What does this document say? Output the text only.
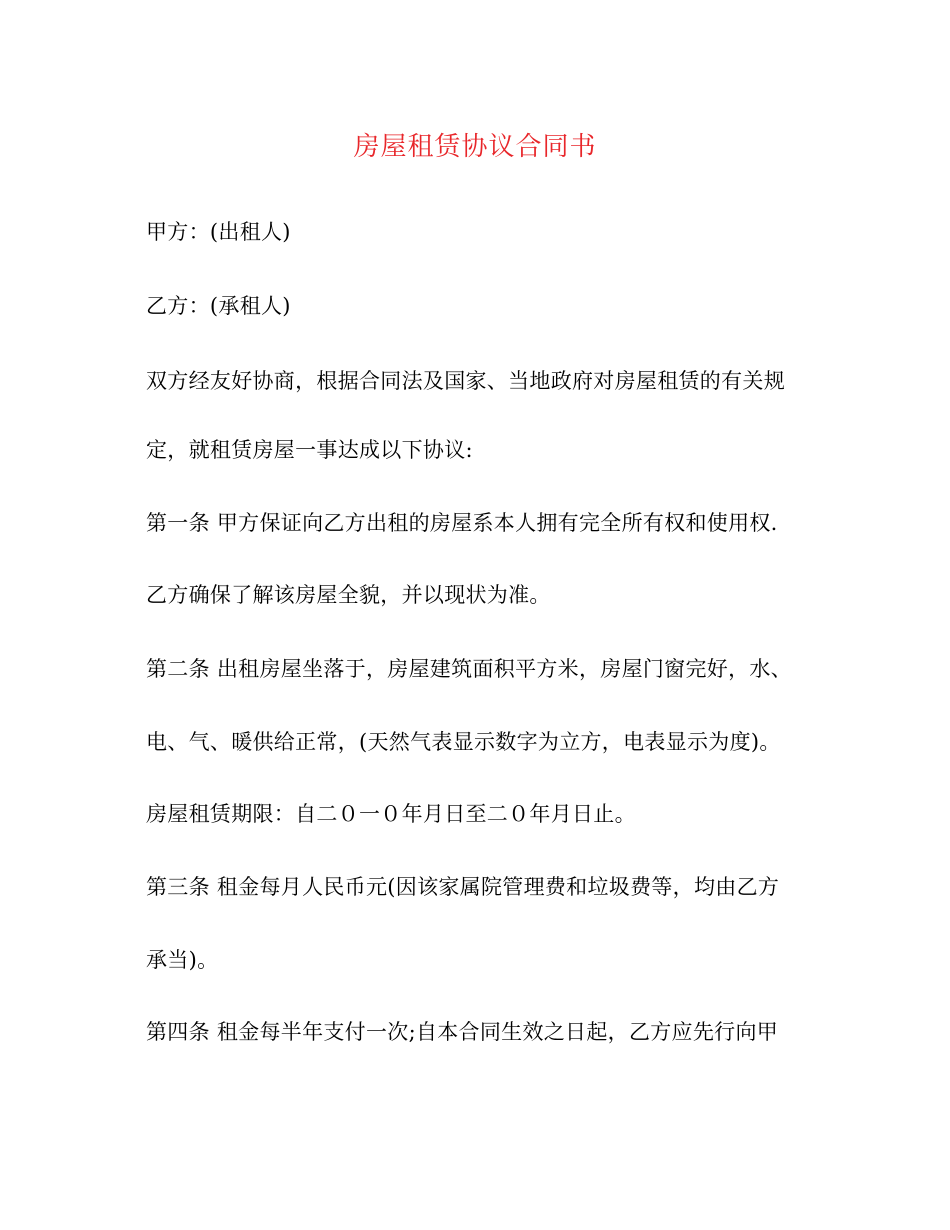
房屋租赁协议合同书
甲方：(出租人)
乙方：(承租人)
双方经友好协商，根据合同法及国家、当地政府对房屋租赁的有关规
定，就租赁房屋一事达成以下协议:
第一条 甲方保证向乙方出租的房屋系本人拥有完全所有权和使用权.
乙方确保了解该房屋全貌，并以现状为准。
第二条 出租房屋坐落于，房屋建筑面积平方米，房屋门窗完好，水、
电、气、暖供给正常，(天然气表显示数字为立方，电表显示为度)。
房屋租赁期限：自二０一０年月日至二０年月日止。
第三条 租金每月人民币元(因该家属院管理费和垃圾费等，均由乙方
承当)。
第四条 租金每半年支付一次;自本合同生效之日起，乙方应先行向甲
